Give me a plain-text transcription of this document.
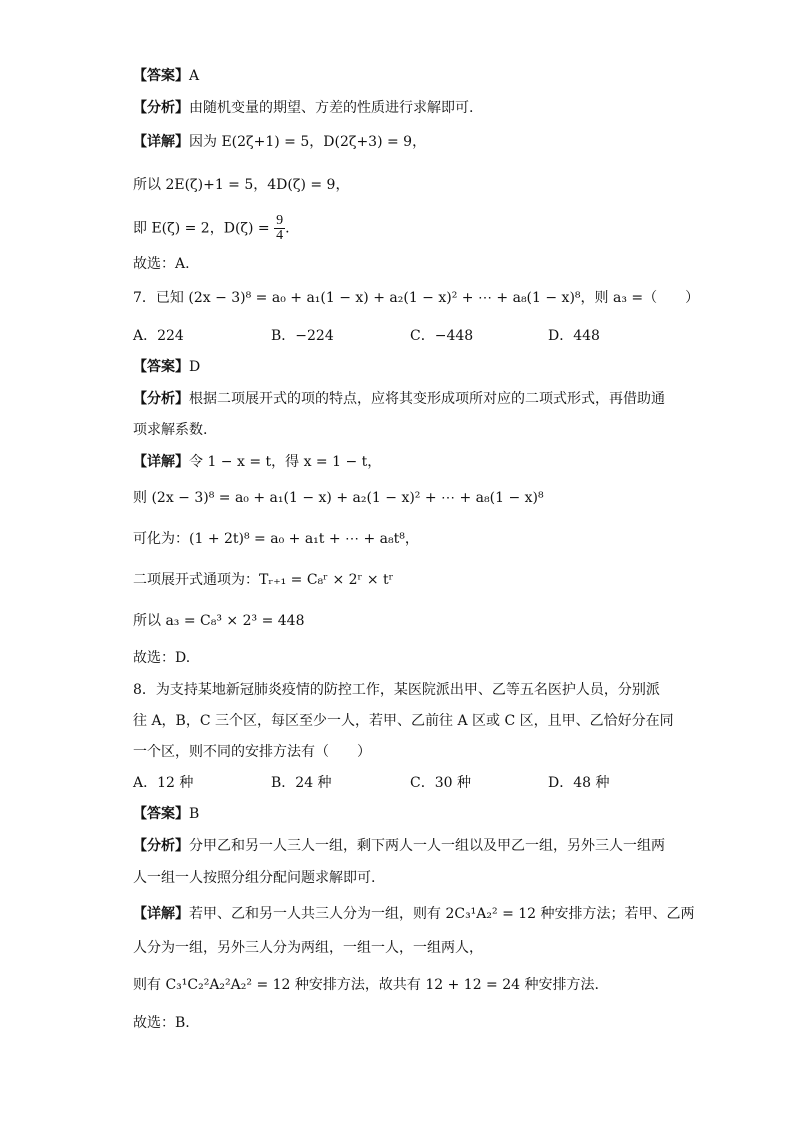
【答案】A
【分析】由随机变量的期望、方差的性质进行求解即可.
【详解】因为 E(2ζ+1) = 5，D(2ζ+3) = 9，
所以 2E(ζ)+1 = 5，4D(ζ) = 9，
即 E(ζ) = 2，$D(\zeta) = \frac{9}{4}$ .
故选：A.
7．已知 (2x − 3)⁸ = a₀ + a₁(1 − x) + a₂(1 − x)² + ⋯ + a₈(1 − x)⁸，则 a₃ =（　　）
A．224	B．−224	C．−448	D．448
【答案】D
【分析】根据二项展开式的项的特点，应将其变形成项所对应的二项式形式，再借助通
项求解系数.
【详解】令 1 − x = t，得 x = 1 − t，
则 (2x − 3)⁸ = a₀ + a₁(1 − x) + a₂(1 − x)² + ⋯ + a₈(1 − x)⁸
可化为：(1 + 2t)⁸ = a₀ + a₁t + ⋯ + a₈t⁸，
二项展开式通项为：Tᵣ₊₁ = C₈ʳ × 2ʳ × tʳ
所以 a₃ = C₈³ × 2³ = 448
故选：D.
8．为支持某地新冠肺炎疫情的防控工作，某医院派出甲、乙等五名医护人员，分别派
往 A，B，C 三个区，每区至少一人，若甲、乙前往 A 区或 C 区，且甲、乙恰好分在同
一个区，则不同的安排方法有（　　）
A．12 种	B．24 种	C．30 种	D．48 种
【答案】B
【分析】分甲乙和另一人三人一组，剩下两人一人一组以及甲乙一组，另外三人一组两
人一组一人按照分组分配问题求解即可.
【详解】若甲、乙和另一人共三人分为一组，则有 2C₃¹A₂² = 12 种安排方法；若甲、乙两
人分为一组，另外三人分为两组，一组一人，一组两人，
则有 C₃¹C₂²A₂²A₂² = 12 种安排方法，故共有 12 + 12 = 24 种安排方法.
故选：B.
